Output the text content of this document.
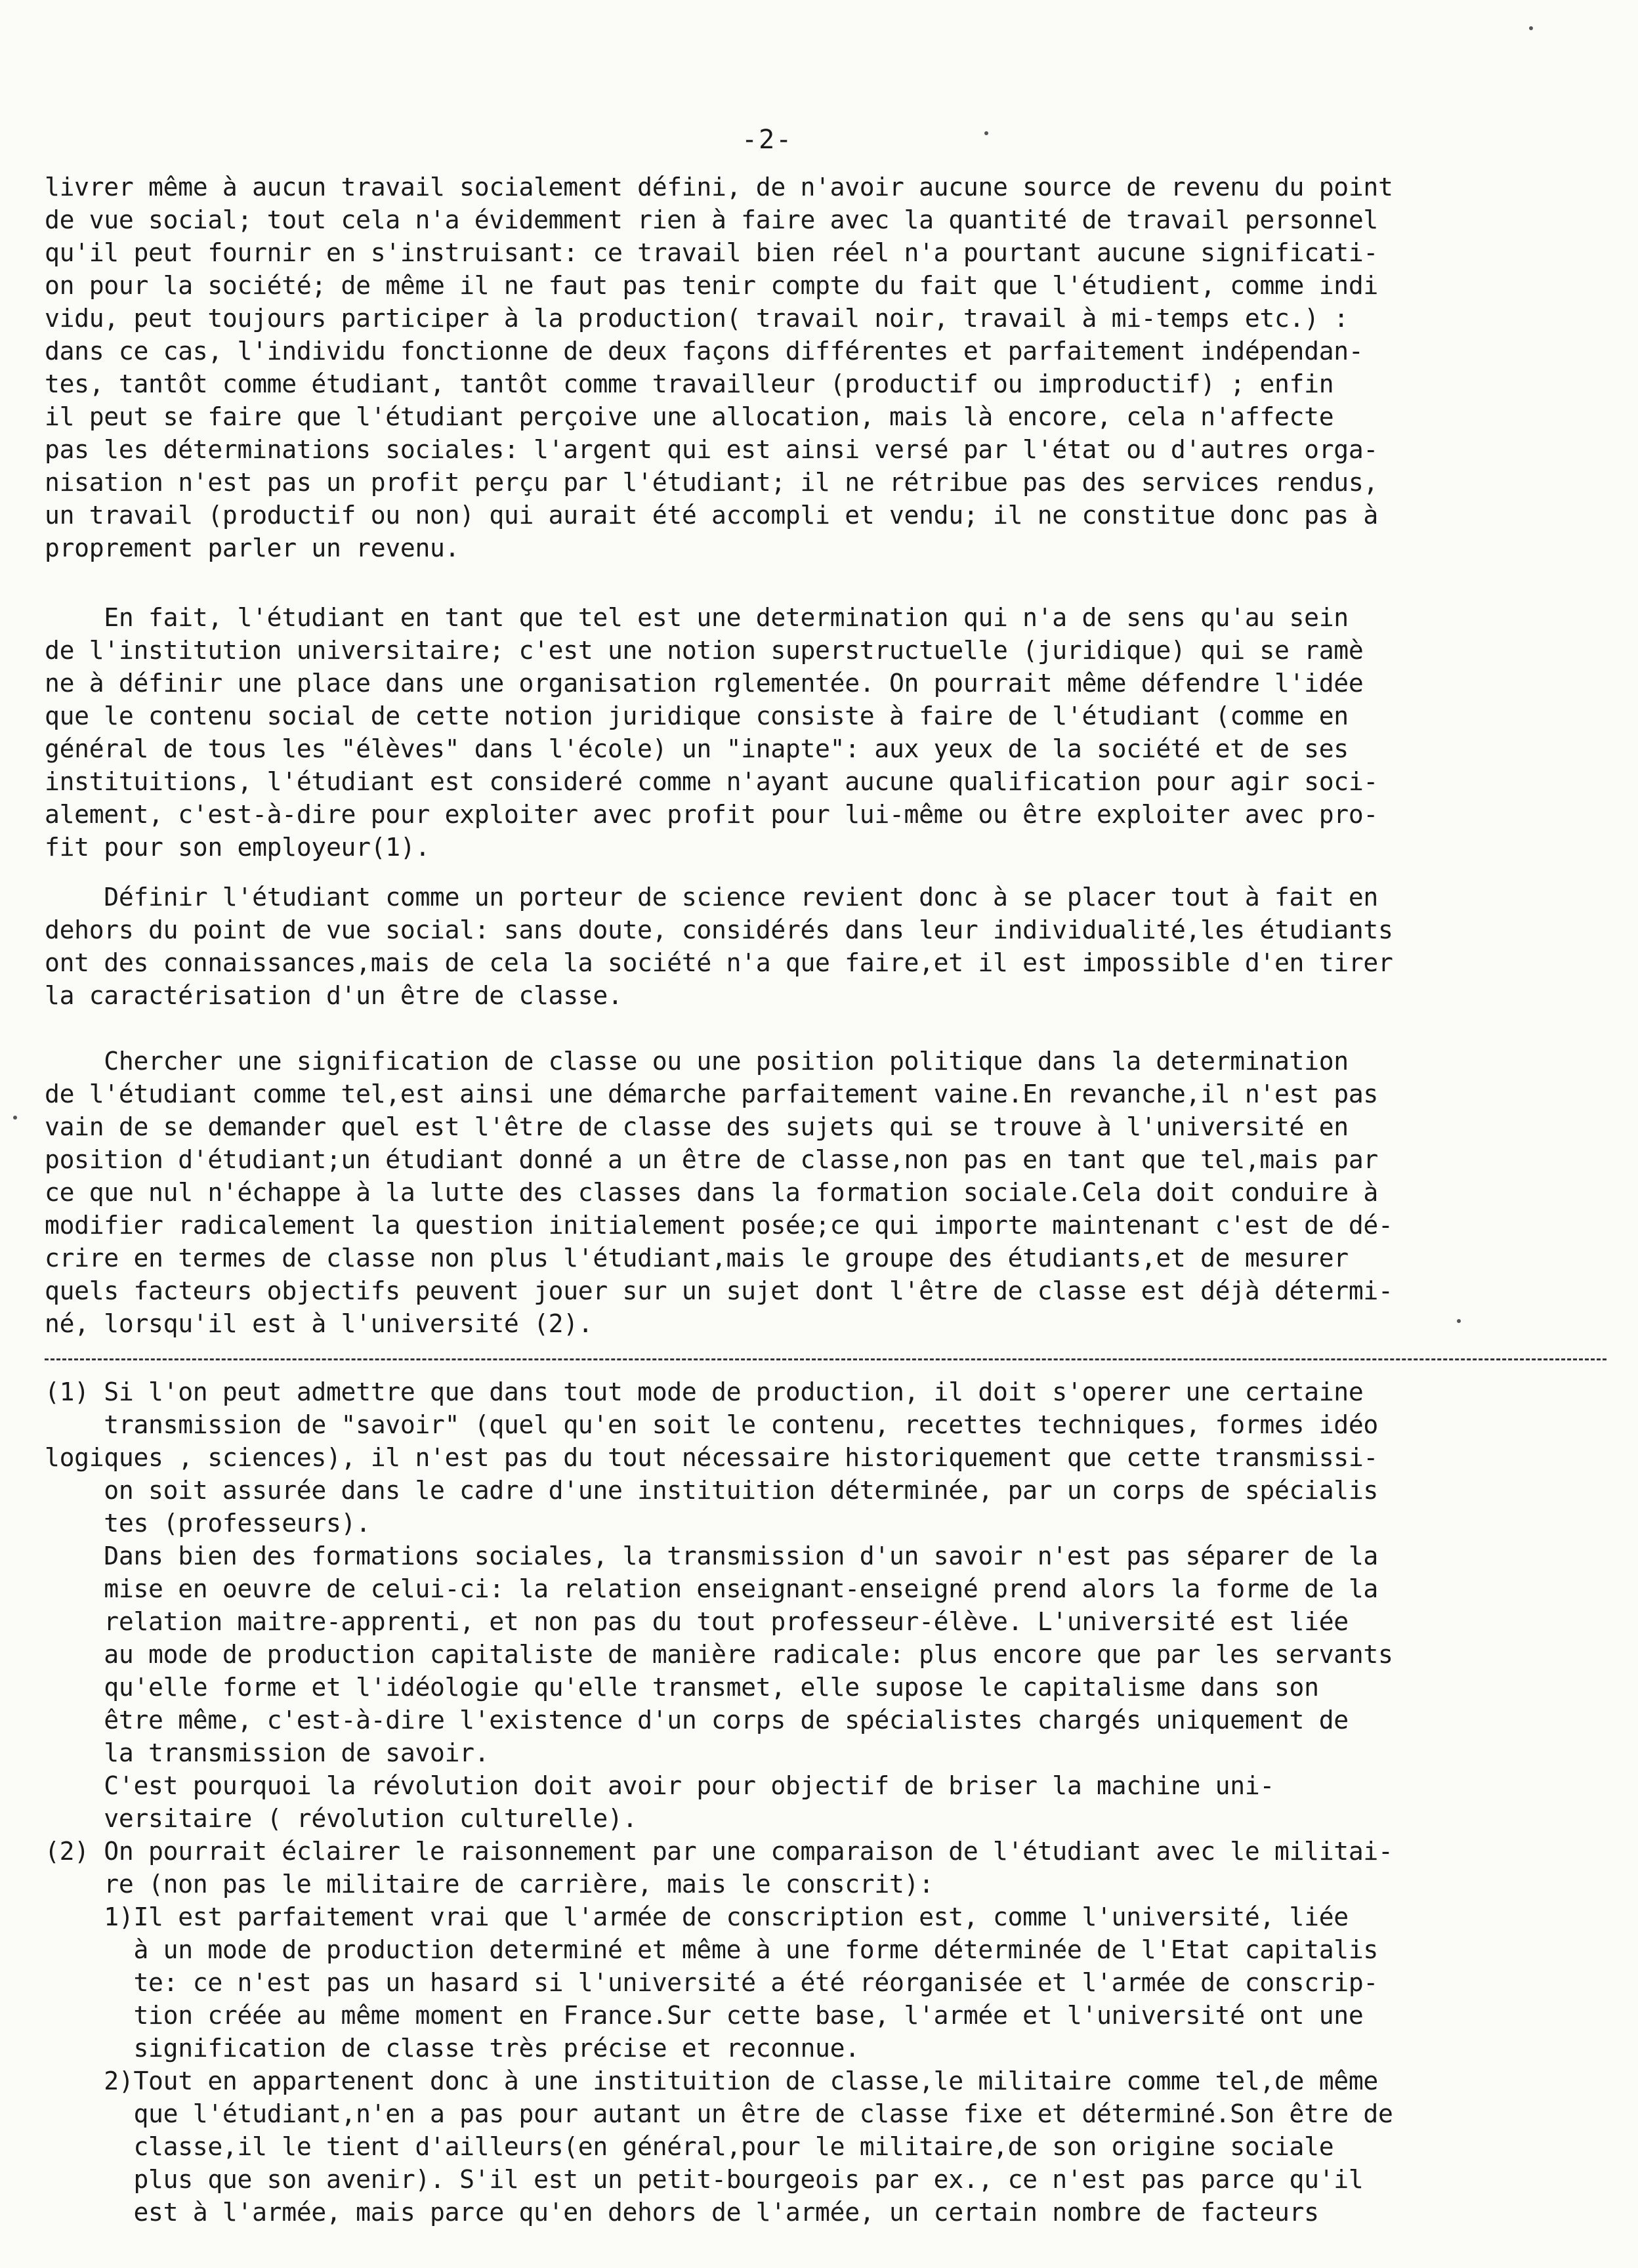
-2-
livrer même à aucun travail socialement défini, de n'avoir aucune source de revenu du point
de vue social; tout cela n'a évidemment rien à faire avec la quantité de travail personnel
qu'il peut fournir en s'instruisant: ce travail bien réel n'a pourtant aucune significati-
on pour la société; de même il ne faut pas tenir compte du fait que l'étudient, comme indi
vidu, peut toujours participer à la production( travail noir, travail à mi-temps etc.) :
dans ce cas, l'individu fonctionne de deux façons différentes et parfaitement indépendan-
tes, tantôt comme étudiant, tantôt comme travailleur (productif ou improductif) ; enfin
il peut se faire que l'étudiant perçoive une allocation, mais là encore, cela n'affecte
pas les déterminations sociales: l'argent qui est ainsi versé par l'état ou d'autres orga-
nisation n'est pas un profit perçu par l'étudiant; il ne rétribue pas des services rendus,
un travail (productif ou non) qui aurait été accompli et vendu; il ne constitue donc pas à
proprement parler un revenu.
En fait, l'étudiant en tant que tel est une determination qui n'a de sens qu'au sein
de l'institution universitaire; c'est une notion superstructuelle (juridique) qui se ramè
ne à définir une place dans une organisation rglementée. On pourrait même défendre l'idée
que le contenu social de cette notion juridique consiste à faire de l'étudiant (comme en
général de tous les "élèves" dans l'école) un "inapte": aux yeux de la société et de ses
instituitions, l'étudiant est consideré comme n'ayant aucune qualification pour agir soci-
alement, c'est-à-dire pour exploiter avec profit pour lui-même ou être exploiter avec pro-
fit pour son employeur(1).
Définir l'étudiant comme un porteur de science revient donc à se placer tout à fait en
dehors du point de vue social: sans doute, considérés dans leur individualité,les étudiants
ont des connaissances,mais de cela la société n'a que faire,et il est impossible d'en tirer
la caractérisation d'un être de classe.
Chercher une signification de classe ou une position politique dans la determination
de l'étudiant comme tel,est ainsi une démarche parfaitement vaine.En revanche,il n'est pas
vain de se demander quel est l'être de classe des sujets qui se trouve à l'université en
position d'étudiant;un étudiant donné a un être de classe,non pas en tant que tel,mais par
ce que nul n'échappe à la lutte des classes dans la formation sociale.Cela doit conduire à
modifier radicalement la question initialement posée;ce qui importe maintenant c'est de dé-
crire en termes de classe non plus l'étudiant,mais le groupe des étudiants,et de mesurer
quels facteurs objectifs peuvent jouer sur un sujet dont l'être de classe est déjà détermi-
né, lorsqu'il est à l'université (2).
(1) Si l'on peut admettre que dans tout mode de production, il doit s'operer une certaine
transmission de "savoir" (quel qu'en soit le contenu, recettes techniques, formes idéo
logiques , sciences), il n'est pas du tout nécessaire historiquement que cette transmissi-
on soit assurée dans le cadre d'une instituition déterminée, par un corps de spécialis
tes (professeurs).
Dans bien des formations sociales, la transmission d'un savoir n'est pas séparer de la
mise en oeuvre de celui-ci: la relation enseignant-enseigné prend alors la forme de la
relation maitre-apprenti, et non pas du tout professeur-élève. L'université est liée
au mode de production capitaliste de manière radicale: plus encore que par les servants
qu'elle forme et l'idéologie qu'elle transmet, elle supose le capitalisme dans son
être même, c'est-à-dire l'existence d'un corps de spécialistes chargés uniquement de
la transmission de savoir.
C'est pourquoi la révolution doit avoir pour objectif de briser la machine uni-
versitaire ( révolution culturelle).
(2) On pourrait éclairer le raisonnement par une comparaison de l'étudiant avec le militai-
re (non pas le militaire de carrière, mais le conscrit):
1)Il est parfaitement vrai que l'armée de conscription est, comme l'université, liée
à un mode de production determiné et même à une forme déterminée de l'Etat capitalis
te: ce n'est pas un hasard si l'université a été réorganisée et l'armée de conscrip-
tion créée au même moment en France.Sur cette base, l'armée et l'université ont une
signification de classe très précise et reconnue.
2)Tout en appartenent donc à une instituition de classe,le militaire comme tel,de même
que l'étudiant,n'en a pas pour autant un être de classe fixe et déterminé.Son être de
classe,il le tient d'ailleurs(en général,pour le militaire,de son origine sociale
plus que son avenir). S'il est un petit-bourgeois par ex., ce n'est pas parce qu'il
est à l'armée, mais parce qu'en dehors de l'armée, un certain nombre de facteurs
